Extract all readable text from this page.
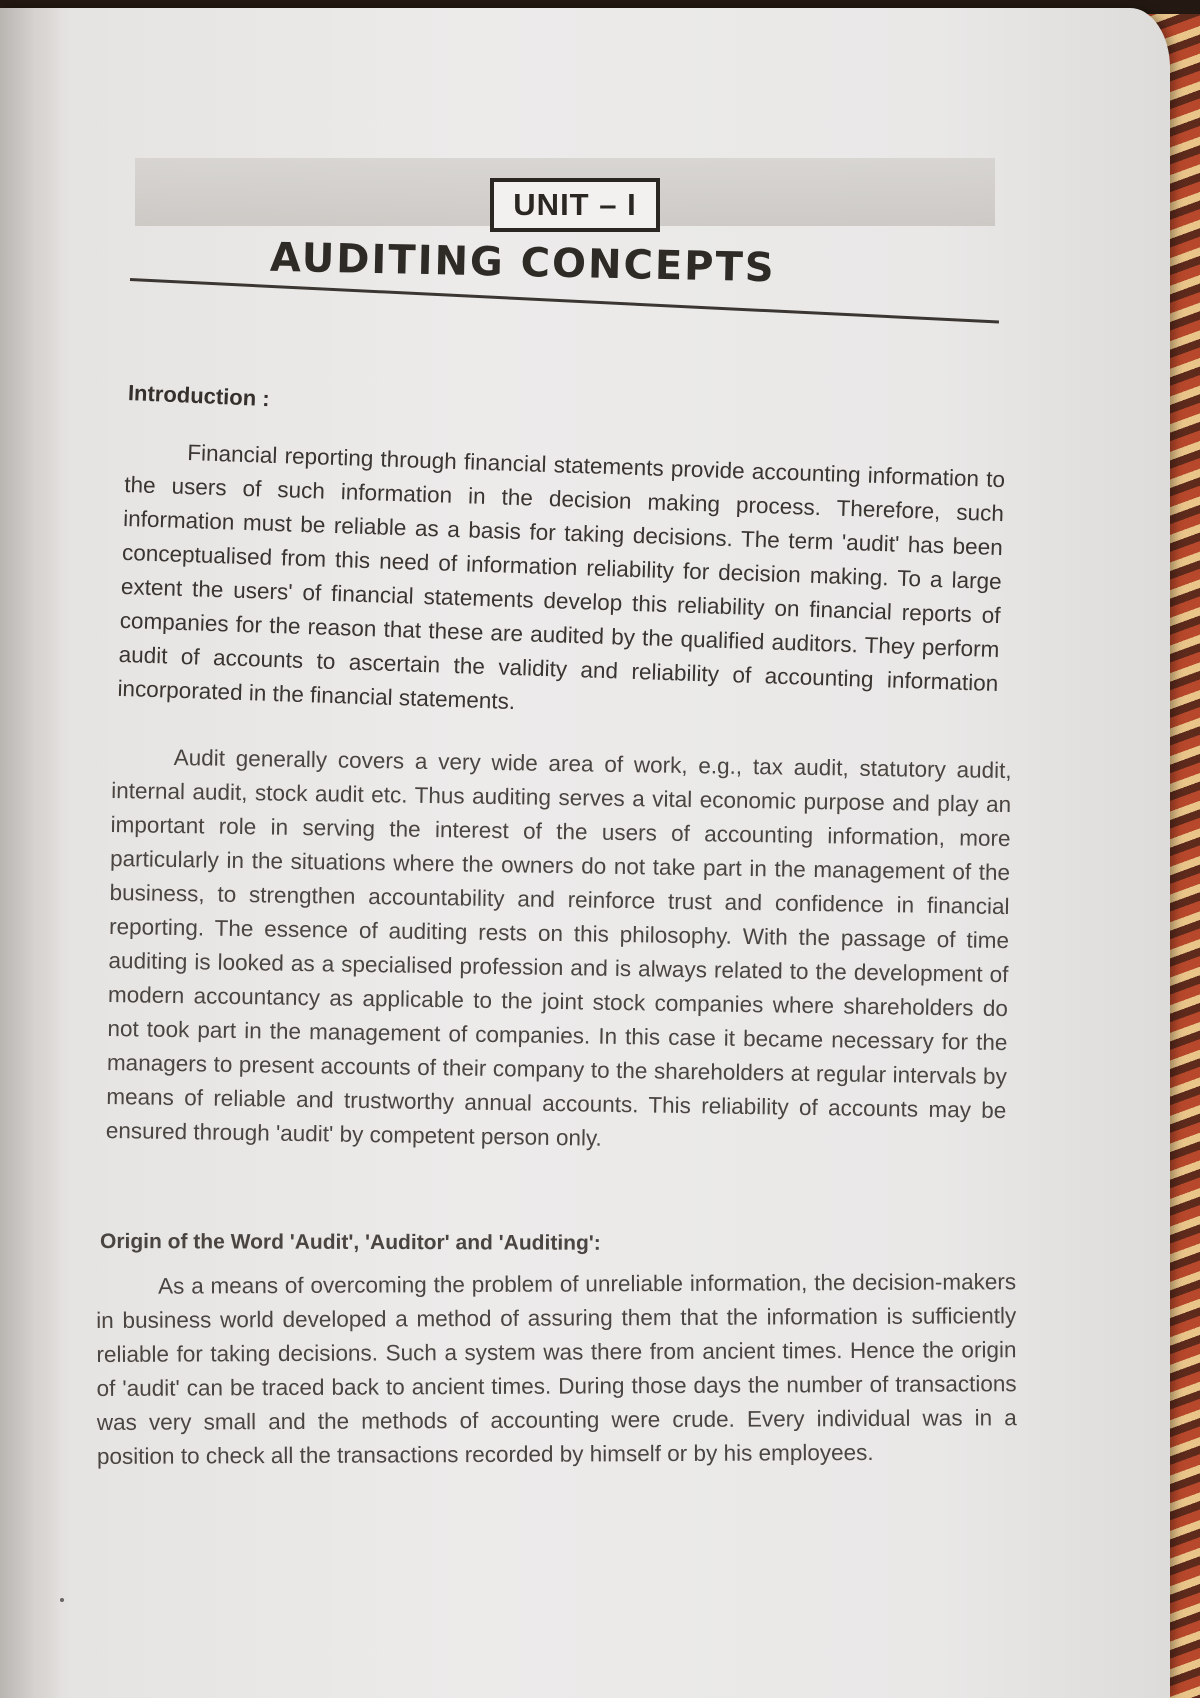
UNIT – I
AUDITING CONCEPTS
Introduction :

Financial reporting through financial statements provide accounting information to the users of such information in the decision making process. Therefore, such information must be reliable as a basis for taking decisions. The term 'audit' has been conceptualised from this need of information reliability for decision making. To a large extent the users' of financial statements develop this reliability on financial reports of companies for the reason that these are audited by the qualified auditors. They perform audit of accounts to ascertain the validity and reliability of accounting information incorporated in the financial statements.

Audit generally covers a very wide area of work, e.g., tax audit, statutory audit, internal audit, stock audit etc. Thus auditing serves a vital economic purpose and play an important role in serving the interest of the users of accounting information, more particularly in the situations where the owners do not take part in the management of the business, to strengthen accountability and reinforce trust and confidence in financial reporting. The essence of auditing rests on this philosophy. With the passage of time auditing is looked as a specialised profession and is always related to the development of modern accountancy as applicable to the joint stock companies where shareholders do not took part in the management of companies. In this case it became necessary for the managers to present accounts of their company to the shareholders at regular intervals by means of reliable and trustworthy annual accounts. This reliability of accounts may be ensured through 'audit' by competent person only.

Origin of the Word 'Audit', 'Auditor' and 'Auditing':

As a means of overcoming the problem of unreliable information, the decision-makers in business world developed a method of assuring them that the information is sufficiently reliable for taking decisions. Such a system was there from ancient times. Hence the origin of 'audit' can be traced back to ancient times. During those days the number of transactions was very small and the methods of accounting were crude. Every individual was in a position to check all the transactions recorded by himself or by his employees.
